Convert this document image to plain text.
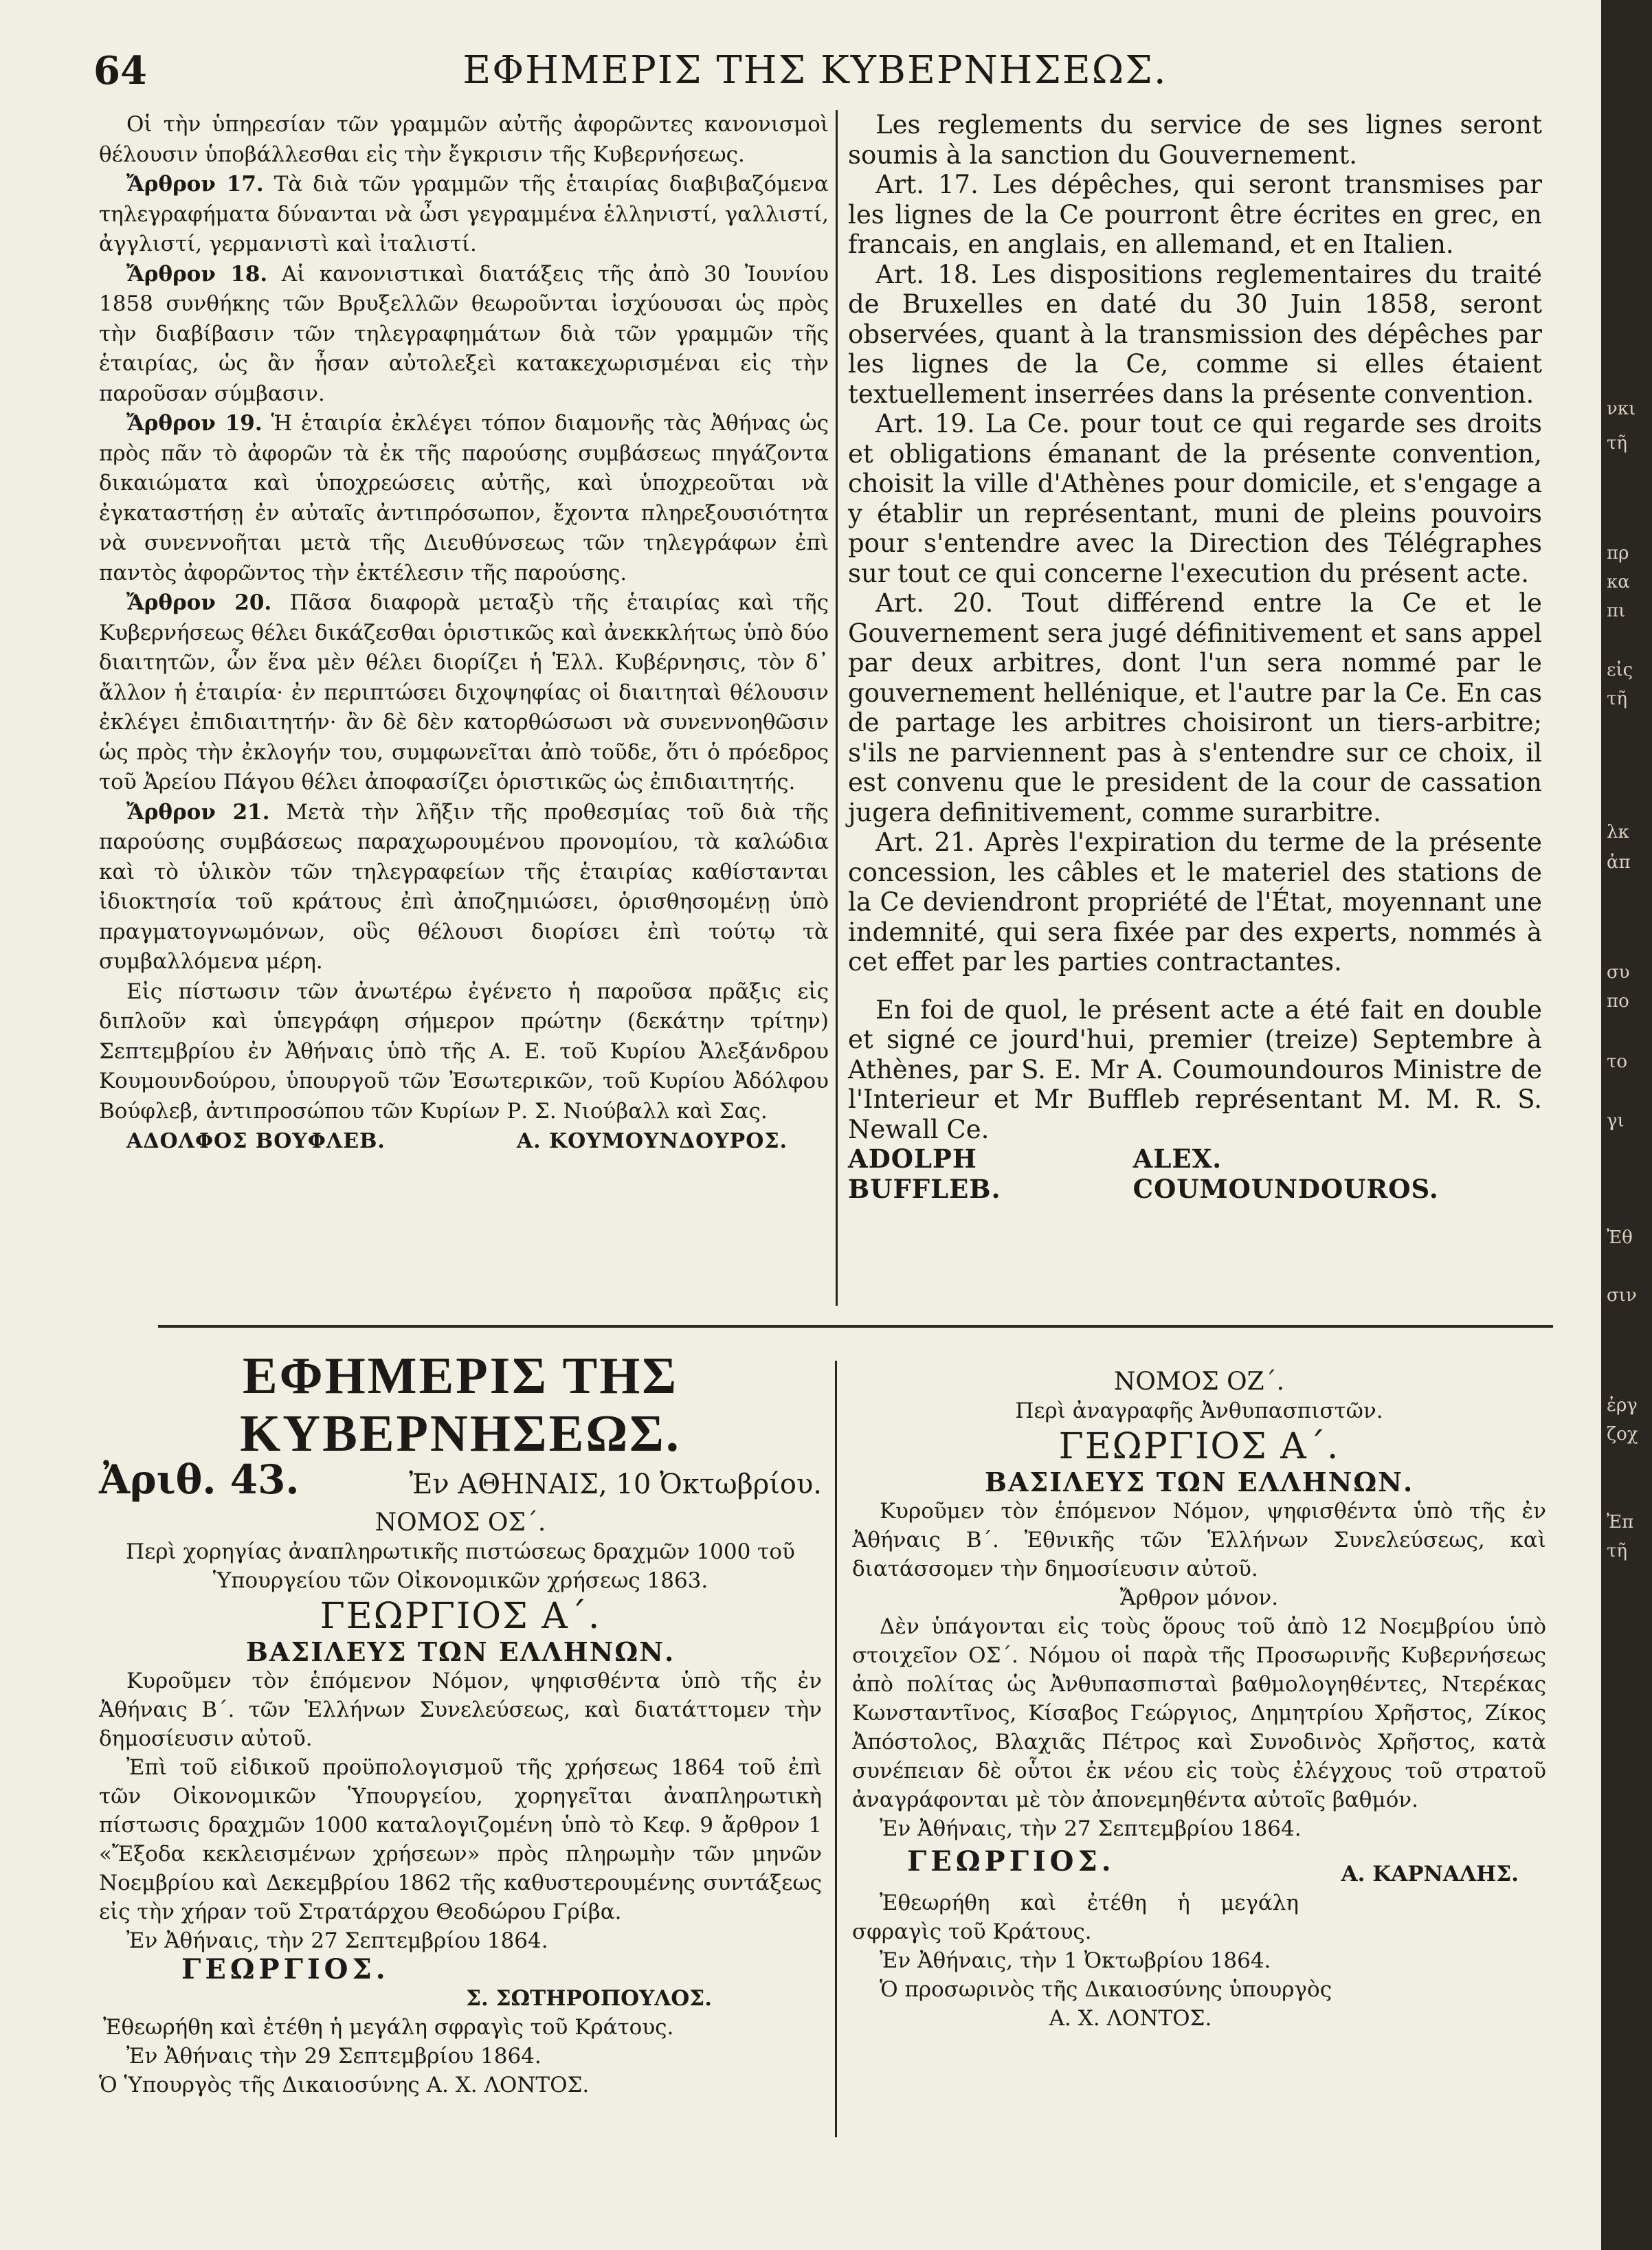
64	ΕΦΗΜΕΡΙΣ ΤΗΣ ΚΥΒΕΡΝΗΣΕΩΣ.

Οἱ τὴν ὑπηρεσίαν τῶν γραμμῶν αὐτῆς ἀφορῶντες κανονισμοὶ θέλουσιν ὑποβάλλεσθαι εἰς τὴν ἔγκρισιν τῆς Κυβερνήσεως.

Ἄρθρον 17. Τὰ διὰ τῶν γραμμῶν τῆς ἑταιρίας διαβιβαζόμενα τηλεγραφήματα δύνανται νὰ ὦσι γεγραμμένα ἑλληνιστί, γαλλιστί, ἀγγλιστί, γερμανιστὶ καὶ ἰταλιστί.

Ἄρθρον 18. Αἱ κανονιστικαὶ διατάξεις τῆς ἀπὸ 30 Ἰουνίου 1858 συνθήκης τῶν Βρυξελλῶν θεωροῦνται ἰσχύουσαι ὡς πρὸς τὴν διαβίβασιν τῶν τηλεγραφημάτων διὰ τῶν γραμμῶν τῆς ἑταιρίας, ὡς ἂν ἦσαν αὐτολεξεὶ κατακεχωρισμέναι εἰς τὴν παροῦσαν σύμβασιν.

Ἄρθρον 19. Ἡ ἑταιρία ἐκλέγει τόπον διαμονῆς τὰς Ἀθήνας ὡς πρὸς πᾶν τὸ ἀφορῶν τὰ ἐκ τῆς παρούσης συμβάσεως πηγάζοντα δικαιώματα καὶ ὑποχρεώσεις αὐτῆς, καὶ ὑποχρεοῦται νὰ ἐγκαταστήσῃ ἐν αὐταῖς ἀντιπρόσωπον, ἔχοντα πληρεξουσιότητα νὰ συνεννοῆται μετὰ τῆς Διευθύνσεως τῶν τηλεγράφων ἐπὶ παντὸς ἀφορῶντος τὴν ἐκτέλεσιν τῆς παρούσης.

Ἄρθρον 20. Πᾶσα διαφορὰ μεταξὺ τῆς ἑταιρίας καὶ τῆς Κυβερνήσεως θέλει δικάζεσθαι ὁριστικῶς καὶ ἀνεκκλήτως ὑπὸ δύο διαιτητῶν, ὧν ἕνα μὲν θέλει διορίζει ἡ Ἑλλ. Κυβέρνησις, τὸν δ᾽ ἄλλον ἡ ἑταιρία· ἐν περιπτώσει διχοψηφίας οἱ διαιτηταὶ θέλουσιν ἐκλέγει ἐπιδιαιτητήν· ἂν δὲ δὲν κατορθώσωσι νὰ συνεννοηθῶσιν ὡς πρὸς τὴν ἐκλογήν του, συμφωνεῖται ἀπὸ τοῦδε, ὅτι ὁ πρόεδρος τοῦ Ἀρείου Πάγου θέλει ἀποφασίζει ὁριστικῶς ὡς ἐπιδιαιτητής.

Ἄρθρον 21. Μετὰ τὴν λῆξιν τῆς προθεσμίας τοῦ διὰ τῆς παρούσης συμβάσεως παραχωρουμένου προνομίου, τὰ καλώδια καὶ τὸ ὑλικὸν τῶν τηλεγραφείων τῆς ἑταιρίας καθίστανται ἰδιοκτησία τοῦ κράτους ἐπὶ ἀποζημιώσει, ὁρισθησομένῃ ὑπὸ πραγματογνωμόνων, οὓς θέλουσι διορίσει ἐπὶ τούτῳ τὰ συμβαλλόμενα μέρη.

Εἰς πίστωσιν τῶν ἀνωτέρω ἐγένετο ἡ παροῦσα πρᾶξις εἰς διπλοῦν καὶ ὑπεγράφη σήμερον πρώτην (δεκάτην τρίτην) Σεπτεμβρίου ἐν Ἀθήναις ὑπὸ τῆς Α. Ε. τοῦ Κυρίου Ἀλεξάνδρου Κουμουνδούρου, ὑπουργοῦ τῶν Ἐσωτερικῶν, τοῦ Κυρίου Ἀδόλφου Βούφλεβ, ἀντιπροσώπου τῶν Κυρίων Ρ. Σ. Νιούβαλλ καὶ Σας.

ΑΔΟΛΦΟΣ ΒΟΥΦΛΕΒ.	Α. ΚΟΥΜΟΥΝΔΟΥΡΟΣ.

Les reglements du service de ses lignes seront soumis à la sanction du Gouvernement.

Art. 17. Les dépêches, qui seront transmises par les lignes de la Ce pourront être écrites en grec, en francais, en anglais, en allemand, et en Italien.

Art. 18. Les dispositions reglementaires du traité de Bruxelles en daté du 30 Juin 1858, seront observées, quant à la transmission des dépêches par les lignes de la Ce, comme si elles étaient textuellement inserrées dans la présente convention.

Art. 19. La Ce. pour tout ce qui regarde ses droits et obligations émanant de la présente convention, choisit la ville d'Athènes pour domicile, et s'engage a y établir un représentant, muni de pleins pouvoirs pour s'entendre avec la Direction des Télégraphes sur tout ce qui concerne l'execution du présent acte.

Art. 20. Tout différend entre la Ce et le Gouvernement sera jugé définitivement et sans appel par deux arbitres, dont l'un sera nommé par le gouvernement hellénique, et l'autre par la Ce. En cas de partage les arbitres choisiront un tiers-arbitre; s'ils ne parviennent pas à s'entendre sur ce choix, il est convenu que le president de la cour de cassation jugera definitivement, comme surarbitre.

Art. 21. Après l'expiration du terme de la présente concession, les câbles et le materiel des stations de la Ce deviendront propriété de l'État, moyennant une indemnité, qui sera fixée par des experts, nommés à cet effet par les parties contractantes.

En foi de quol, le présent acte a été fait en double et signé ce jourd'hui, premier (treize) Septembre à Athènes, par S. E. Mr A. Coumoundouros Ministre de l'Interieur et Mr Buffleb représentant M. M. R. S. Newall Ce.

ADOLPH BUFFLEB.
ALEX. COUMOUNDOUROS.
ΕΦΗΜΕΡΙΣ ΤΗΣ ΚΥΒΕΡΝΗΣΕΩΣ.
Ἀριθ. 43.	Ἐν ΑΘΗΝΑΙΣ, 10 Ὀκτωβρίου.
ΝΟΜΟΣ ΟΣ΄.

Περὶ χορηγίας ἀναπληρωτικῆς πιστώσεως δραχμῶν 1000 τοῦ Ὑπουργείου τῶν Οἰκονομικῶν χρήσεως 1863.

ΓΕΩΡΓΙΟΣ Α΄.
ΒΑΣΙΛΕΥΣ ΤΩΝ ΕΛΛΗΝΩΝ.

Κυροῦμεν τὸν ἑπόμενον Νόμον, ψηφισθέντα ὑπὸ τῆς ἐν Ἀθήναις Β΄. τῶν Ἑλλήνων Συνελεύσεως, καὶ διατάττομεν τὴν δημοσίευσιν αὐτοῦ.

Ἐπὶ τοῦ εἰδικοῦ προϋπολογισμοῦ τῆς χρήσεως 1864 τοῦ ἐπὶ τῶν Οἰκονομικῶν Ὑπουργείου, χορηγεῖται ἀναπληρωτικὴ πίστωσις δραχμῶν 1000 καταλογιζομένη ὑπὸ τὸ Κεφ. 9 ἄρθρον 1 «Ἔξοδα κεκλεισμένων χρήσεων» πρὸς πληρωμὴν τῶν μηνῶν Νοεμβρίου καὶ Δεκεμβρίου 1862 τῆς καθυστερουμένης συντάξεως εἰς τὴν χήραν τοῦ Στρατάρχου Θεοδώρου Γρίβα.

Ἐν Ἀθήναις, τὴν 27 Σεπτεμβρίου 1864.

ΓΕΩΡΓΙΟΣ.
Σ. ΣΩΤΗΡΟΠΟΥΛΟΣ.

Ἐθεωρήθη καὶ ἐτέθη ἡ μεγάλη σφραγὶς τοῦ Κράτους.

Ἐν Ἀθήναις τὴν 29 Σεπτεμβρίου 1864.

Ὁ Ὑπουργὸς τῆς Δικαιοσύνης Α. Χ. ΛΟΝΤΟΣ.

ΝΟΜΟΣ ΟΖ΄.
Περὶ ἀναγραφῆς Ἀνθυπασπιστῶν.
ΓΕΩΡΓΙΟΣ Α΄.
ΒΑΣΙΛΕΥΣ ΤΩΝ ΕΛΛΗΝΩΝ.

Κυροῦμεν τὸν ἑπόμενον Νόμον, ψηφισθέντα ὑπὸ τῆς ἐν Ἀθήναις Β΄. Ἐθνικῆς τῶν Ἑλλήνων Συνελεύσεως, καὶ διατάσσομεν τὴν δημοσίευσιν αὐτοῦ.

Ἄρθρον μόνον.

Δὲν ὑπάγονται εἰς τοὺς ὅρους τοῦ ἀπὸ 12 Νοεμβρίου ὑπὸ στοιχεῖον ΟΣ΄. Νόμου οἱ παρὰ τῆς Προσωρινῆς Κυβερνήσεως ἀπὸ πολίτας ὡς Ἀνθυπασπισταὶ βαθμολογηθέντες, Ντερέκας Κωνσταντῖνος, Κίσαβος Γεώργιος, Δημητρίου Χρῆστος, Ζίκος Ἀπόστολος, Βλαχιᾶς Πέτρος καὶ Συνοδινὸς Χρῆστος, κατὰ συνέπειαν δὲ οὗτοι ἐκ νέου εἰς τοὺς ἐλέγχους τοῦ στρατοῦ ἀναγράφονται μὲ τὸν ἀπονεμηθέντα αὐτοῖς βαθμόν.

Ἐν Ἀθήναις, τὴν 27 Σεπτεμβρίου 1864.

ΓΕΩΡΓΙΟΣ.	Α. ΚΑΡΝΑΛΗΣ.

Ἐθεωρήθη καὶ ἐτέθη ἡ μεγάλη σφραγὶς τοῦ Κράτους.

Ἐν Ἀθήναις, τὴν 1 Ὀκτωβρίου 1864.

Ὁ προσωρινὸς τῆς Δικαιοσύνης ὑπουργὸς

Α. Χ. ΛΟΝΤΟΣ.
νκι
τῆ
πρ
κα
πι
εἰς
τῆ
λκ
ἀπ
συ
πο
το
γι
Ἐθ
σιν
ἐργ
ζοχ
Ἐπ
τῆ
